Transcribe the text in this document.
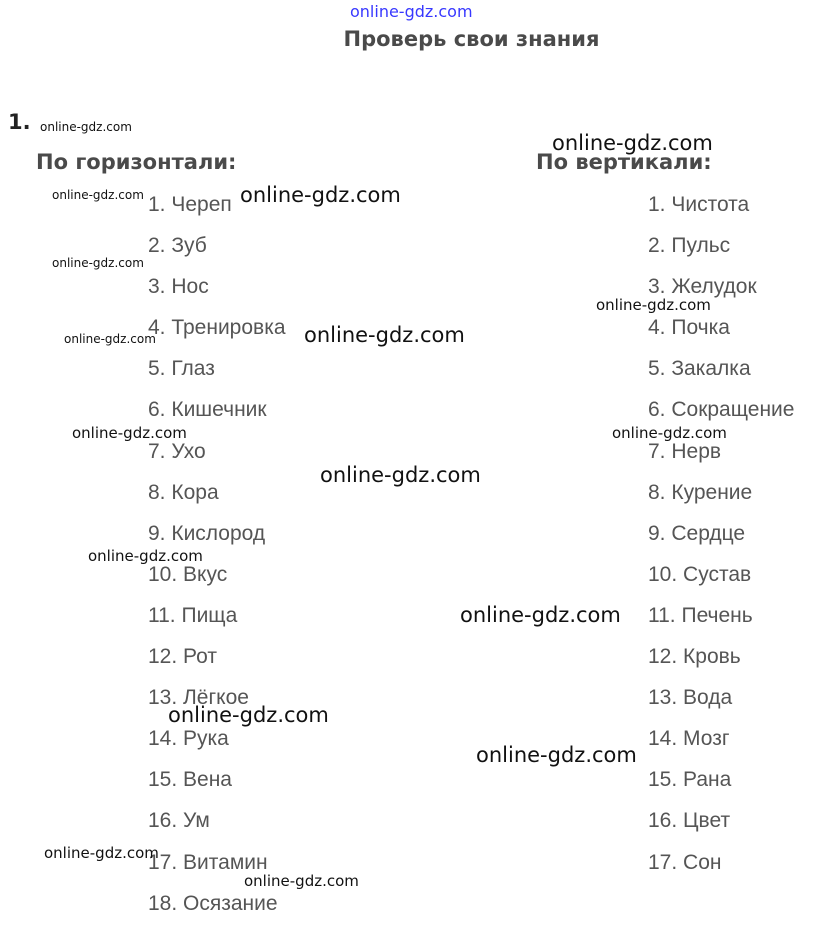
online-gdz.com
Проверь свои знания
1.
По горизонтали:	По вертикали:
1. Череп
2. Зуб
3. Нос
4. Тренировка
5. Глаз
6. Кишечник
7. Ухо
8. Кора
9. Кислород
10. Вкус
11. Пища
12. Рот
13. Лёгкое
14. Рука
15. Вена
16. Ум
17. Витамин
18. Осязание
1. Чистота
2. Пульс
3. Желудок
4. Почка
5. Закалка
6. Сокращение
7. Нерв
8. Курение
9. Сердце
10. Сустав
11. Печень
12. Кровь
13. Вода
14. Мозг
15. Рана
16. Цвет
17. Сон
online-gdz.com
online-gdz.com
online-gdz.com	online-gdz.com
online-gdz.com
online-gdz.com
online-gdz.com	online-gdz.com
online-gdz.com	online-gdz.com
online-gdz.com
online-gdz.com
online-gdz.com
online-gdz.com
online-gdz.com
online-gdz.com
online-gdz.com
